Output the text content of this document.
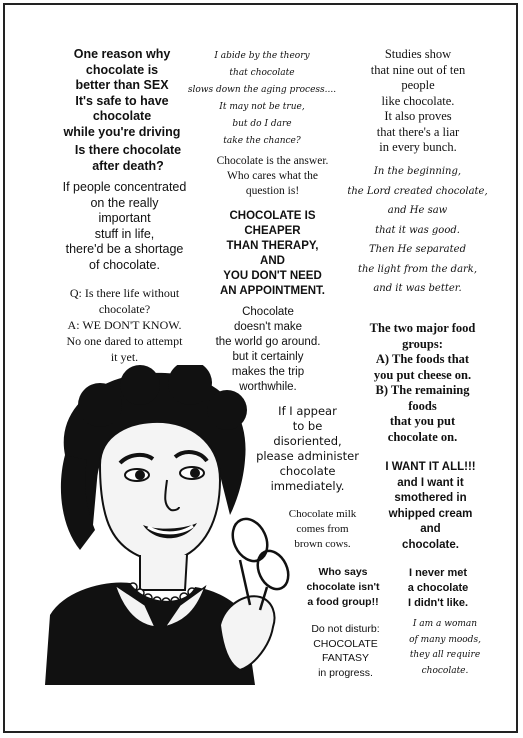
One reason why
chocolate is
better than SEX
It's safe to have
chocolate
while you're driving
Is there chocolate
after death?
If people concentrated
on the really
important
stuff in life,
there'd be a shortage
of chocolate.
Q: Is there life without
chocolate?
A: WE DON'T KNOW.
No one dared to attempt
it yet.
I abide by the theory
that chocolate
slows down the aging process....
It may not be true,
but do I dare
take the chance?
Chocolate is the answer.
Who cares what the
question is!
CHOCOLATE IS
CHEAPER
THAN THERAPY,
AND
YOU DON'T NEED
AN APPOINTMENT.
Chocolate
doesn't make
the world go around.
but it certainly
makes the trip
worthwhile.
If I appear
to be
disoriented,
please administer
chocolate
immediately.
Chocolate milk
comes from
brown cows.
Who says
chocolate isn't
a food group!!
Do not disturb:
CHOCOLATE
FANTASY
in progress.
Studies show
that nine out of ten
people
like chocolate.
It also proves
that there's a liar
in every bunch.
In the beginning,
the Lord created chocolate,
and He saw
that it was good.
Then He separated
the light from the dark,
and it was better.
The two major food
groups:
A) The foods that
you put cheese on.
B) The remaining
foods
that you put
chocolate on.
I WANT IT ALL!!!
and I want it
smothered in
whipped cream
and
chocolate.
I never met
a chocolate
I didn't like.
I am a woman
of many moods,
they all require
chocolate.
